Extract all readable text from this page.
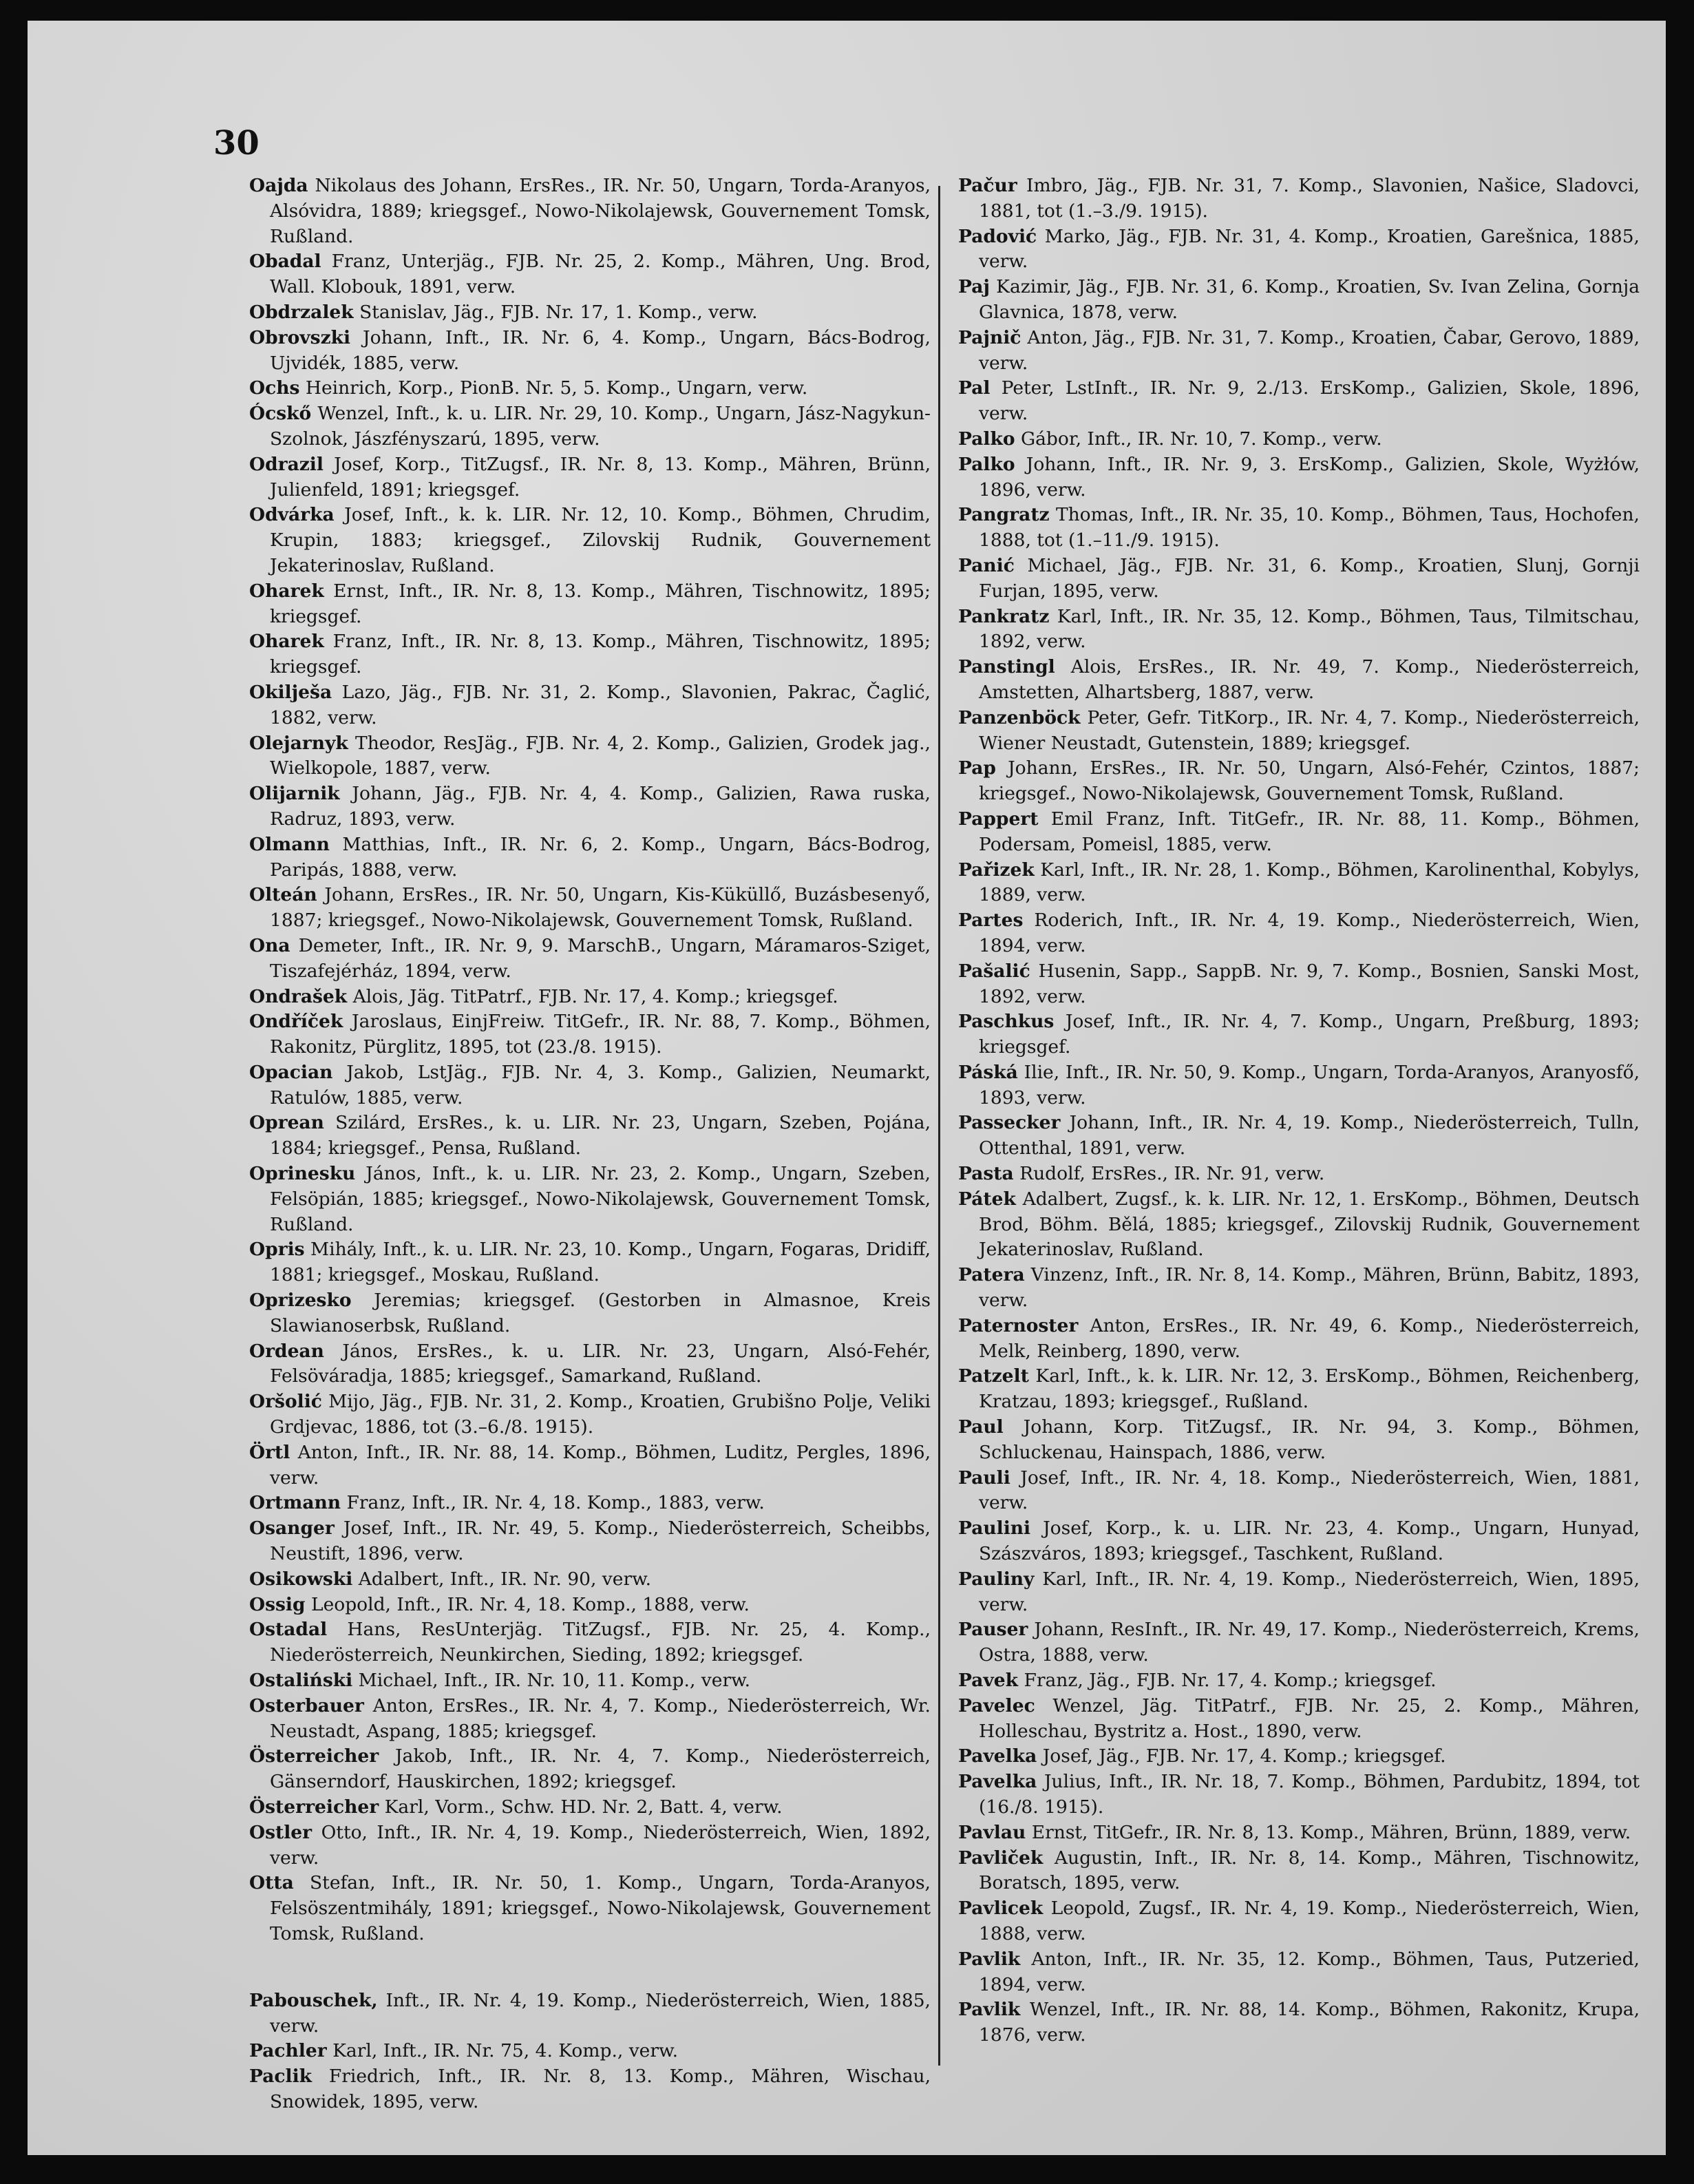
30

Oajda Nikolaus des Johann, ErsRes., IR. Nr. 50, Ungarn, Torda-Aranyos, Alsóvidra, 1889; kriegsgef., Nowo-Nikolajewsk, Gouvernement Tomsk, Rußland.

Obadal Franz, Unterjäg., FJB. Nr. 25, 2. Komp., Mähren, Ung. Brod, Wall. Klobouk, 1891, verw.

Obdrzalek Stanislav, Jäg., FJB. Nr. 17, 1. Komp., verw.

Obrovszki Johann, Inft., IR. Nr. 6, 4. Komp., Ungarn, Bács-Bodrog, Ujvidék, 1885, verw.

Ochs Heinrich, Korp., PionB. Nr. 5, 5. Komp., Ungarn, verw.

Ócskő Wenzel, Inft., k. u. LIR. Nr. 29, 10. Komp., Ungarn, Jász-Nagykun-Szolnok, Jászfényszarú, 1895, verw.

Odrazil Josef, Korp., TitZugsf., IR. Nr. 8, 13. Komp., Mähren, Brünn, Julienfeld, 1891; kriegsgef.

Odvárka Josef, Inft., k. k. LIR. Nr. 12, 10. Komp., Böhmen, Chrudim, Krupin, 1883; kriegsgef., Zilovskij Rudnik, Gouvernement Jekaterinoslav, Rußland.

Oharek Ernst, Inft., IR. Nr. 8, 13. Komp., Mähren, Tischnowitz, 1895; kriegsgef.

Oharek Franz, Inft., IR. Nr. 8, 13. Komp., Mähren, Tischnowitz, 1895; kriegsgef.

Okilješa Lazo, Jäg., FJB. Nr. 31, 2. Komp., Slavonien, Pakrac, Čaglić, 1882, verw.

Olejarnyk Theodor, ResJäg., FJB. Nr. 4, 2. Komp., Galizien, Grodek jag., Wielkopole, 1887, verw.

Olijarnik Johann, Jäg., FJB. Nr. 4, 4. Komp., Galizien, Rawa ruska, Radruz, 1893, verw.

Olmann Matthias, Inft., IR. Nr. 6, 2. Komp., Ungarn, Bács-Bodrog, Paripás, 1888, verw.

Olteán Johann, ErsRes., IR. Nr. 50, Ungarn, Kis-Küküllő, Buzásbesenyő, 1887; kriegsgef., Nowo-Nikolajewsk, Gouvernement Tomsk, Rußland.

Ona Demeter, Inft., IR. Nr. 9, 9. MarschB., Ungarn, Máramaros-Sziget, Tiszafejérház, 1894, verw.

Ondrašek Alois, Jäg. TitPatrf., FJB. Nr. 17, 4. Komp.; kriegsgef.

Ondříček Jaroslaus, EinjFreiw. TitGefr., IR. Nr. 88, 7. Komp., Böhmen, Rakonitz, Pürglitz, 1895, tot (23./8. 1915).

Opacian Jakob, LstJäg., FJB. Nr. 4, 3. Komp., Galizien, Neumarkt, Ratulów, 1885, verw.

Oprean Szilárd, ErsRes., k. u. LIR. Nr. 23, Ungarn, Szeben, Pojána, 1884; kriegsgef., Pensa, Rußland.

Oprinesku János, Inft., k. u. LIR. Nr. 23, 2. Komp., Ungarn, Szeben, Felsöpián, 1885; kriegsgef., Nowo-Nikolajewsk, Gouvernement Tomsk, Rußland.

Opris Mihály, Inft., k. u. LIR. Nr. 23, 10. Komp., Ungarn, Fogaras, Dridiff, 1881; kriegsgef., Moskau, Rußland.

Oprizesko Jeremias; kriegsgef. (Gestorben in Almasnoe, Kreis Slawianoserbsk, Rußland.

Ordean János, ErsRes., k. u. LIR. Nr. 23, Ungarn, Alsó-Fehér, Felsöváradja, 1885; kriegsgef., Samarkand, Rußland.

Oršolić Mijo, Jäg., FJB. Nr. 31, 2. Komp., Kroatien, Grubišno Polje, Veliki Grdjevac, 1886, tot (3.–6./8. 1915).

Örtl Anton, Inft., IR. Nr. 88, 14. Komp., Böhmen, Luditz, Pergles, 1896, verw.

Ortmann Franz, Inft., IR. Nr. 4, 18. Komp., 1883, verw.

Osanger Josef, Inft., IR. Nr. 49, 5. Komp., Niederösterreich, Scheibbs, Neustift, 1896, verw.

Osikowski Adalbert, Inft., IR. Nr. 90, verw.

Ossig Leopold, Inft., IR. Nr. 4, 18. Komp., 1888, verw.

Ostadal Hans, ResUnterjäg. TitZugsf., FJB. Nr. 25, 4. Komp., Niederösterreich, Neunkirchen, Sieding, 1892; kriegsgef.

Ostaliński Michael, Inft., IR. Nr. 10, 11. Komp., verw.

Osterbauer Anton, ErsRes., IR. Nr. 4, 7. Komp., Niederösterreich, Wr. Neustadt, Aspang, 1885; kriegsgef.

Österreicher Jakob, Inft., IR. Nr. 4, 7. Komp., Niederösterreich, Gänserndorf, Hauskirchen, 1892; kriegsgef.

Österreicher Karl, Vorm., Schw. HD. Nr. 2, Batt. 4, verw.

Ostler Otto, Inft., IR. Nr. 4, 19. Komp., Niederösterreich, Wien, 1892, verw.

Otta Stefan, Inft., IR. Nr. 50, 1. Komp., Ungarn, Torda-Aranyos, Felsöszentmihály, 1891; kriegsgef., Nowo-Nikolajewsk, Gouvernement Tomsk, Rußland.

Pabouschek, Inft., IR. Nr. 4, 19. Komp., Niederösterreich, Wien, 1885, verw.

Pachler Karl, Inft., IR. Nr. 75, 4. Komp., verw.

Paclik Friedrich, Inft., IR. Nr. 8, 13. Komp., Mähren, Wischau, Snowidek, 1895, verw.

Pačur Imbro, Jäg., FJB. Nr. 31, 7. Komp., Slavonien, Našice, Sladovci, 1881, tot (1.–3./9. 1915).

Padović Marko, Jäg., FJB. Nr. 31, 4. Komp., Kroatien, Garešnica, 1885, verw.

Paj Kazimir, Jäg., FJB. Nr. 31, 6. Komp., Kroatien, Sv. Ivan Zelina, Gornja Glavnica, 1878, verw.

Pajnič Anton, Jäg., FJB. Nr. 31, 7. Komp., Kroatien, Čabar, Gerovo, 1889, verw.

Pal Peter, LstInft., IR. Nr. 9, 2./13. ErsKomp., Galizien, Skole, 1896, verw.

Palko Gábor, Inft., IR. Nr. 10, 7. Komp., verw.

Palko Johann, Inft., IR. Nr. 9, 3. ErsKomp., Galizien, Skole, Wyżłów, 1896, verw.

Pangratz Thomas, Inft., IR. Nr. 35, 10. Komp., Böhmen, Taus, Hochofen, 1888, tot (1.–11./9. 1915).

Panić Michael, Jäg., FJB. Nr. 31, 6. Komp., Kroatien, Slunj, Gornji Furjan, 1895, verw.

Pankratz Karl, Inft., IR. Nr. 35, 12. Komp., Böhmen, Taus, Tilmitschau, 1892, verw.

Panstingl Alois, ErsRes., IR. Nr. 49, 7. Komp., Niederösterreich, Amstetten, Alhartsberg, 1887, verw.

Panzenböck Peter, Gefr. TitKorp., IR. Nr. 4, 7. Komp., Niederösterreich, Wiener Neustadt, Gutenstein, 1889; kriegsgef.

Pap Johann, ErsRes., IR. Nr. 50, Ungarn, Alsó-Fehér, Czintos, 1887; kriegsgef., Nowo-Nikolajewsk, Gouvernement Tomsk, Rußland.

Pappert Emil Franz, Inft. TitGefr., IR. Nr. 88, 11. Komp., Böhmen, Podersam, Pomeisl, 1885, verw.

Pařizek Karl, Inft., IR. Nr. 28, 1. Komp., Böhmen, Karolinenthal, Kobylys, 1889, verw.

Partes Roderich, Inft., IR. Nr. 4, 19. Komp., Niederösterreich, Wien, 1894, verw.

Pašalić Husenin, Sapp., SappB. Nr. 9, 7. Komp., Bosnien, Sanski Most, 1892, verw.

Paschkus Josef, Inft., IR. Nr. 4, 7. Komp., Ungarn, Preßburg, 1893; kriegsgef.

Páská Ilie, Inft., IR. Nr. 50, 9. Komp., Ungarn, Torda-Aranyos, Aranyosfő, 1893, verw.

Passecker Johann, Inft., IR. Nr. 4, 19. Komp., Niederösterreich, Tulln, Ottenthal, 1891, verw.

Pasta Rudolf, ErsRes., IR. Nr. 91, verw.

Pátek Adalbert, Zugsf., k. k. LIR. Nr. 12, 1. ErsKomp., Böhmen, Deutsch Brod, Böhm. Bělá, 1885; kriegsgef., Zilovskij Rudnik, Gouvernement Jekaterinoslav, Rußland.

Patera Vinzenz, Inft., IR. Nr. 8, 14. Komp., Mähren, Brünn, Babitz, 1893, verw.

Paternoster Anton, ErsRes., IR. Nr. 49, 6. Komp., Niederösterreich, Melk, Reinberg, 1890, verw.

Patzelt Karl, Inft., k. k. LIR. Nr. 12, 3. ErsKomp., Böhmen, Reichenberg, Kratzau, 1893; kriegsgef., Rußland.

Paul Johann, Korp. TitZugsf., IR. Nr. 94, 3. Komp., Böhmen, Schluckenau, Hainspach, 1886, verw.

Pauli Josef, Inft., IR. Nr. 4, 18. Komp., Niederösterreich, Wien, 1881, verw.

Paulini Josef, Korp., k. u. LIR. Nr. 23, 4. Komp., Ungarn, Hunyad, Szászváros, 1893; kriegsgef., Taschkent, Rußland.

Pauliny Karl, Inft., IR. Nr. 4, 19. Komp., Niederösterreich, Wien, 1895, verw.

Pauser Johann, ResInft., IR. Nr. 49, 17. Komp., Niederösterreich, Krems, Ostra, 1888, verw.

Pavek Franz, Jäg., FJB. Nr. 17, 4. Komp.; kriegsgef.

Pavelec Wenzel, Jäg. TitPatrf., FJB. Nr. 25, 2. Komp., Mähren, Holleschau, Bystritz a. Host., 1890, verw.

Pavelka Josef, Jäg., FJB. Nr. 17, 4. Komp.; kriegsgef.

Pavelka Julius, Inft., IR. Nr. 18, 7. Komp., Böhmen, Pardubitz, 1894, tot (16./8. 1915).

Pavlau Ernst, TitGefr., IR. Nr. 8, 13. Komp., Mähren, Brünn, 1889, verw.

Pavliček Augustin, Inft., IR. Nr. 8, 14. Komp., Mähren, Tischnowitz, Boratsch, 1895, verw.

Pavlicek Leopold, Zugsf., IR. Nr. 4, 19. Komp., Niederösterreich, Wien, 1888, verw.

Pavlik Anton, Inft., IR. Nr. 35, 12. Komp., Böhmen, Taus, Putzeried, 1894, verw.

Pavlik Wenzel, Inft., IR. Nr. 88, 14. Komp., Böhmen, Rakonitz, Krupa, 1876, verw.
